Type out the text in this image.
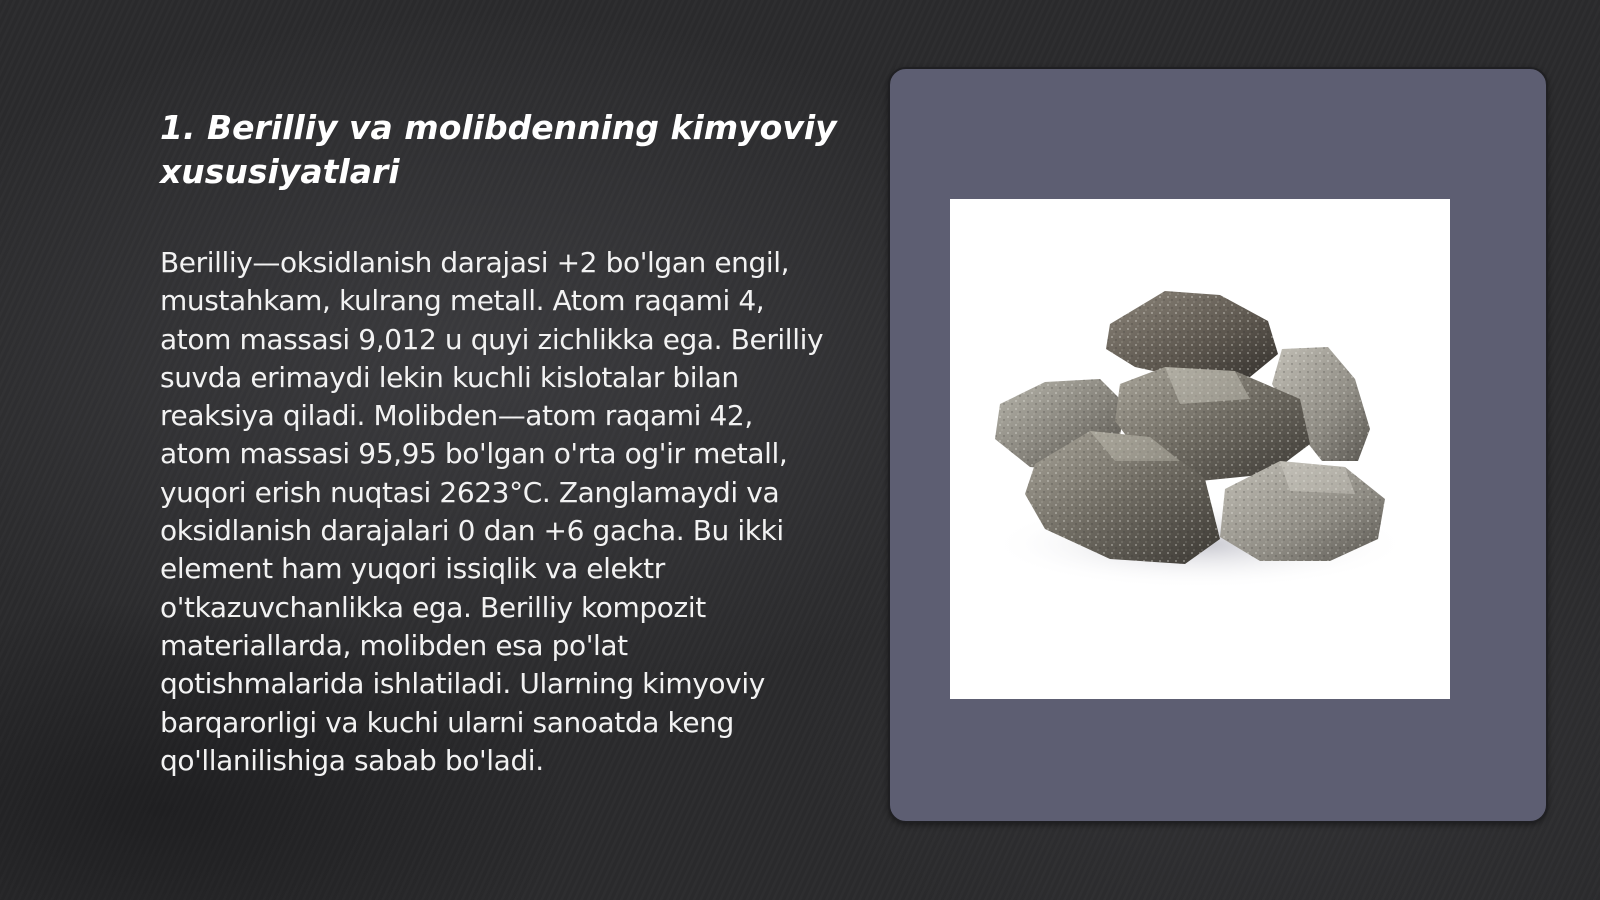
1. Berilliy va molibdenning kimyoviy xususiyatlari

Berilliy—oksidlanish darajasi +2 bo'lgan engil, mustahkam, kulrang metall. Atom raqami 4, atom massasi 9,012 u quyi zichlikka ega. Berilliy suvda erimaydi lekin kuchli kislotalar bilan reaksiya qiladi. Molibden—atom raqami 42, atom massasi 95,95 bo'lgan o'rta og'ir metall, yuqori erish nuqtasi 2623°C. Zanglamaydi va oksidlanish darajalari 0 dan +6 gacha. Bu ikki element ham yuqori issiqlik va elektr o'tkazuvchanlikka ega. Berilliy kompozit materiallarda, molibden esa po'lat qotishmalarida ishlatiladi. Ularning kimyoviy barqarorligi va kuchi ularni sanoatda keng qo'llanilishiga sabab bo'ladi.
